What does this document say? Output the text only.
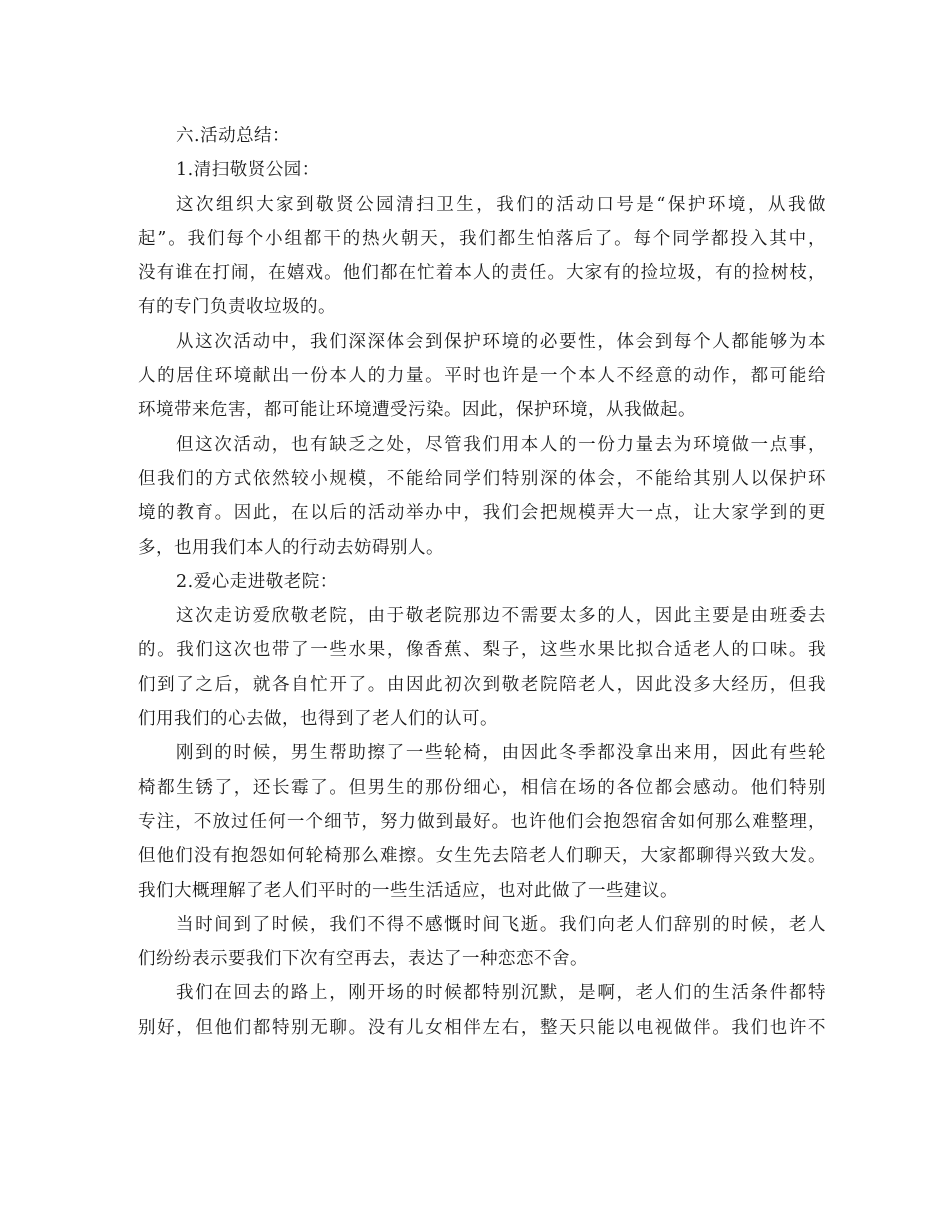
六.活动总结：
1.清扫敬贤公园：
这次组织大家到敬贤公园清扫卫生，我们的活动口号是“保护环境，从我做
起”。我们每个小组都干的热火朝天，我们都生怕落后了。每个同学都投入其中，
没有谁在打闹，在嬉戏。他们都在忙着本人的责任。大家有的捡垃圾，有的捡树枝，
有的专门负责收垃圾的。
从这次活动中，我们深深体会到保护环境的必要性，体会到每个人都能够为本
人的居住环境献出一份本人的力量。平时也许是一个本人不经意的动作，都可能给
环境带来危害，都可能让环境遭受污染。因此，保护环境，从我做起。
但这次活动，也有缺乏之处，尽管我们用本人的一份力量去为环境做一点事，
但我们的方式依然较小规模，不能给同学们特别深的体会，不能给其别人以保护环
境的教育。因此，在以后的活动举办中，我们会把规模弄大一点，让大家学到的更
多，也用我们本人的行动去妨碍别人。
2.爱心走进敬老院：
这次走访爱欣敬老院，由于敬老院那边不需要太多的人，因此主要是由班委去
的。我们这次也带了一些水果，像香蕉、梨子，这些水果比拟合适老人的口味。我
们到了之后，就各自忙开了。由因此初次到敬老院陪老人，因此没多大经历，但我
们用我们的心去做，也得到了老人们的认可。
刚到的时候，男生帮助擦了一些轮椅，由因此冬季都没拿出来用，因此有些轮
椅都生锈了，还长霉了。但男生的那份细心，相信在场的各位都会感动。他们特别
专注，不放过任何一个细节，努力做到最好。也许他们会抱怨宿舍如何那么难整理，
但他们没有抱怨如何轮椅那么难擦。女生先去陪老人们聊天，大家都聊得兴致大发。
我们大概理解了老人们平时的一些生活适应，也对此做了一些建议。
当时间到了时候，我们不得不感慨时间飞逝。我们向老人们辞别的时候，老人
们纷纷表示要我们下次有空再去，表达了一种恋恋不舍。
我们在回去的路上，刚开场的时候都特别沉默，是啊，老人们的生活条件都特
别好，但他们都特别无聊。没有儿女相伴左右，整天只能以电视做伴。我们也许不
